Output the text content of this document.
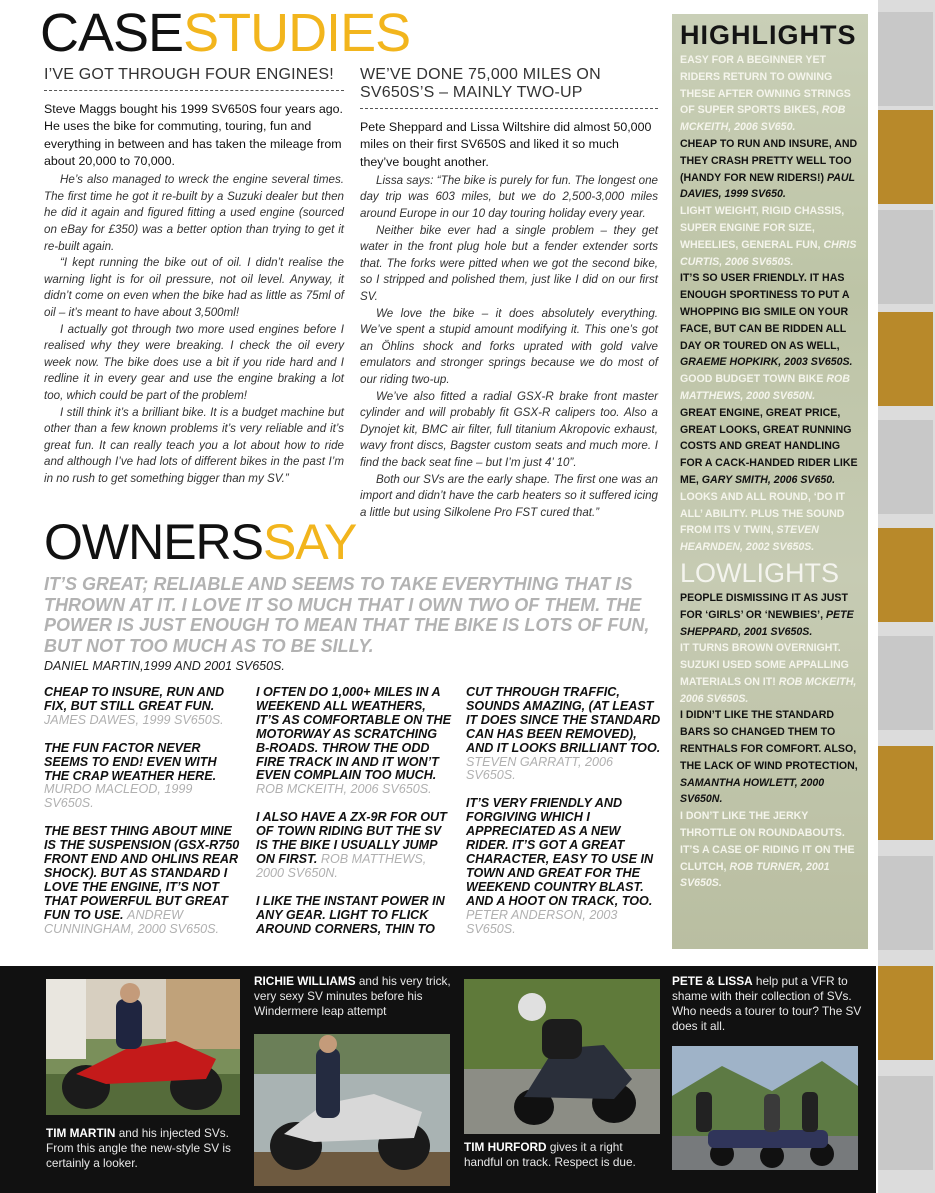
CASESTUDIES
I’VE GOT THROUGH FOUR ENGINES!

Steve Maggs bought his 1999 SV650S four years ago. He uses the bike for commuting, touring, fun and everything in between and has taken the mileage from about 20,000 to 70,000.

He’s also managed to wreck the engine several times. The first time he got it re-built by a Suzuki dealer but then he did it again and figured fitting a used engine (sourced on eBay for £350) was a better option than trying to get it re-built again.

“I kept running the bike out of oil. I didn’t realise the warning light is for oil pressure, not oil level. Anyway, it didn’t come on even when the bike had as little as 75ml of oil – it’s meant to have about 3,500ml!

I actually got through two more used engines before I realised why they were breaking. I check the oil every week now. The bike does use a bit if you ride hard and I redline it in every gear and use the engine braking a lot too, which could be part of the problem!

I still think it’s a brilliant bike. It is a budget machine but other than a few known problems it’s very reliable and it’s great fun. It can really teach you a lot about how to ride and although I’ve had lots of different bikes in the past I’m in no rush to get something bigger than my SV.”

WE’VE DONE 75,000 MILES ON SV650S’S – MAINLY TWO-UP

Pete Sheppard and Lissa Wiltshire did almost 50,000 miles on their first SV650S and liked it so much they’ve bought another.

Lissa says: “The bike is purely for fun. The longest one day trip was 603 miles, but we do 2,500-3,000 miles around Europe in our 10 day touring holiday every year.

Neither bike ever had a single problem – they get water in the front plug hole but a fender extender sorts that. The forks were pitted when we got the second bike, so I stripped and polished them, just like I did on our first SV.

We love the bike – it does absolutely everything. We’ve spent a stupid amount modifying it. This one’s got an Öhlins shock and forks uprated with gold valve emulators and stronger springs because we do most of our riding two-up.

We’ve also fitted a radial GSX-R brake front master cylinder and will probably fit GSX-R calipers too. Also a Dynojet kit, BMC air filter, full titanium Akropovic exhaust, wavy front discs, Bagster custom seats and much more. I find the back seat fine – but I’m just 4’ 10”.

Both our SVs are the early shape. The first one was an import and didn’t have the carb heaters so it suffered icing a little but using Silkolene Pro FST cured that.”

HIGHLIGHTS
EASY FOR A BEGINNER YET RIDERS RETURN TO OWNING THESE AFTER OWNING STRINGS OF SUPER SPORTS BIKES, ROB MCKEITH, 2006 SV650.
CHEAP TO RUN AND INSURE, AND THEY CRASH PRETTY WELL TOO (HANDY FOR NEW RIDERS!) PAUL DAVIES, 1999 SV650.
LIGHT WEIGHT, RIGID CHASSIS, SUPER ENGINE FOR SIZE, WHEELIES, GENERAL FUN, CHRIS CURTIS, 2006 SV650S.
IT’S SO USER FRIENDLY. IT HAS ENOUGH SPORTINESS TO PUT A WHOPPING BIG SMILE ON YOUR FACE, BUT CAN BE RIDDEN ALL DAY OR TOURED ON AS WELL, GRAEME HOPKIRK, 2003 SV650S.
GOOD BUDGET TOWN BIKE ROB MATTHEWS, 2000 SV650N.
GREAT ENGINE, GREAT PRICE, GREAT LOOKS, GREAT RUNNING COSTS AND GREAT HANDLING FOR A CACK-HANDED RIDER LIKE ME, GARY SMITH, 2006 SV650.
LOOKS AND ALL ROUND, ‘DO IT ALL’ ABILITY. PLUS THE SOUND FROM ITS V TWIN, STEVEN HEARNDEN, 2002 SV650S.
LOWLIGHTS
PEOPLE DISMISSING IT AS JUST FOR ‘GIRLS’ OR ‘NEWBIES’, PETE SHEPPARD, 2001 SV650S.
IT TURNS BROWN OVERNIGHT. SUZUKI USED SOME APPALLING MATERIALS ON IT! ROB MCKEITH, 2006 SV650S.
I DIDN’T LIKE THE STANDARD BARS SO CHANGED THEM TO RENTHALS FOR COMFORT. ALSO, THE LACK OF WIND PROTECTION, SAMANTHA HOWLETT, 2000 SV650N.
I DON’T LIKE THE JERKY THROTTLE ON ROUNDABOUTS. IT’S A CASE OF RIDING IT ON THE CLUTCH, ROB TURNER, 2001 SV650S.
OWNERSSAY
IT’S GREAT; RELIABLE AND SEEMS TO TAKE EVERYTHING THAT IS THROWN AT IT. I LOVE IT SO MUCH THAT I OWN TWO OF THEM. THE POWER IS JUST ENOUGH TO MEAN THAT THE BIKE IS LOTS OF FUN, BUT NOT TOO MUCH AS TO BE SILLY.
DANIEL MARTIN,1999 AND 2001 SV650S.

CHEAP TO INSURE, RUN AND FIX, BUT STILL GREAT FUN. JAMES DAWES, 1999 SV650S.

THE FUN FACTOR NEVER SEEMS TO END! EVEN WITH THE CRAP WEATHER HERE. MURDO MACLEOD, 1999 SV650S.

THE BEST THING ABOUT MINE IS THE SUSPENSION (GSX-R750 FRONT END AND OHLINS REAR SHOCK). BUT AS STANDARD I LOVE THE ENGINE, IT’S NOT THAT POWERFUL BUT GREAT FUN TO USE. ANDREW CUNNINGHAM, 2000 SV650S.

I OFTEN DO 1,000+ MILES IN A WEEKEND ALL WEATHERS, IT’S AS COMFORTABLE ON THE MOTORWAY AS SCRATCHING B-ROADS. THROW THE ODD FIRE TRACK IN AND IT WON’T EVEN COMPLAIN TOO MUCH. ROB MCKEITH, 2006 SV650S.

I ALSO HAVE A ZX-9R FOR OUT OF TOWN RIDING BUT THE SV IS THE BIKE I USUALLY JUMP ON FIRST. ROB MATTHEWS, 2000 SV650N.

I LIKE THE INSTANT POWER IN ANY GEAR. LIGHT TO FLICK AROUND CORNERS, THIN TO

CUT THROUGH TRAFFIC, SOUNDS AMAZING, (AT LEAST IT DOES SINCE THE STANDARD CAN HAS BEEN REMOVED), AND IT LOOKS BRILLIANT TOO. STEVEN GARRATT, 2006 SV650S.

IT’S VERY FRIENDLY AND FORGIVING WHICH I APPRECIATED AS A NEW RIDER. IT’S GOT A GREAT CHARACTER, EASY TO USE IN TOWN AND GREAT FOR THE WEEKEND COUNTRY BLAST. AND A HOOT ON TRACK, TOO. PETER ANDERSON, 2003 SV650S.

TIM MARTIN and his injected SVs. From this angle the new-style SV is certainly a looker.
RICHIE WILLIAMS and his very trick, very sexy SV minutes before his Windermere leap attempt
TIM HURFORD gives it a right handful on track. Respect is due.
PETE & LISSA help put a VFR to shame with their collection of SVs. Who needs a tourer to tour? The SV does it all.
